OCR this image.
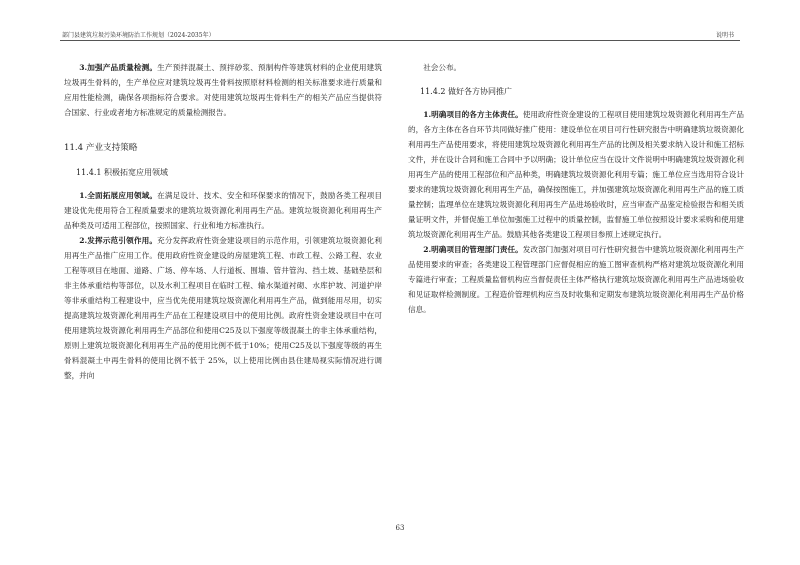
部门县建筑垃圾污染环境防治工作规划（2024-2035年）	说明书

3.加强产品质量检测。生产预拌混凝土、预拌砂浆、预制构件等建筑材料的企业使用建筑垃圾再生骨料的，生产单位应对建筑垃圾再生骨料按照原材料检测的相关标准要求进行质量和应用性能检测，确保各项指标符合要求。对使用建筑垃圾再生骨料生产的相关产品应当提供符合国家、行业或者地方标准规定的质量检测报告。

11.4 产业支持策略
11.4.1 积极拓宽应用领域

1.全面拓展应用领域。在满足设计、技术、安全和环保要求的情况下，鼓励各类工程项目建设优先使用符合工程质量要求的建筑垃圾资源化利用再生产品。建筑垃圾资源化利用再生产品种类及可适用工程部位，按照国家、行业和地方标准执行。

2.发挥示范引领作用。充分发挥政府性资金建设项目的示范作用，引领建筑垃圾资源化利用再生产品推广应用工作。使用政府性资金建设的房屋建筑工程、市政工程、公路工程、农业工程等项目在地面、道路、广场、停车场、人行道板、围墙、管井管沟、挡土坡、基础垫层和非主体承重结构等部位，以及水利工程项目在临时工程、输水渠道衬砌、水库护坡、河道护岸等非承重结构工程建设中，应当优先使用建筑垃圾资源化利用再生产品，做到能用尽用，切实提高建筑垃圾资源化利用再生产品在工程建设项目中的使用比例。政府性资金建设项目中在可使用建筑垃圾资源化利用再生产品部位和使用C25及以下强度等级混凝土的非主体承重结构，原则上建筑垃圾资源化利用再生产品的使用比例不低于10%；使用C25及以下强度等级的再生骨料混凝土中再生骨料的使用比例不低于 25%，以上使用比例由县住建局视实际情况进行调整，并向

社会公布。

11.4.2 做好各方协同推广

1.明确项目的各方主体责任。使用政府性资金建设的工程项目使用建筑垃圾资源化利用再生产品的，各方主体在各自环节共同做好推广使用：建设单位在项目可行性研究报告中明确建筑垃圾资源化利用再生产品使用要求，将使用建筑垃圾资源化利用再生产品的比例及相关要求纳入设计和施工招标文件，并在设计合同和施工合同中予以明确；设计单位应当在设计文件说明中明确建筑垃圾资源化利用再生产品的使用工程部位和产品种类，明确建筑垃圾资源化利用专篇；施工单位应当选用符合设计要求的建筑垃圾资源化利用再生产品，确保按图施工，并加强建筑垃圾资源化利用再生产品的施工质量控制；监理单位在建筑垃圾资源化利用再生产品进场验收时，应当审查产品鉴定检验报告和相关质量证明文件，并督促施工单位加强施工过程中的质量控制，监督施工单位按照设计要求采购和使用建筑垃圾资源化利用再生产品。鼓励其他各类建设工程项目参照上述规定执行。

2.明确项目的管理部门责任。发改部门加强对项目可行性研究报告中建筑垃圾资源化利用再生产品使用要求的审查；各类建设工程管理部门应督促相应的施工图审查机构严格对建筑垃圾资源化利用专篇进行审查；工程质量监督机构应当督促责任主体严格执行建筑垃圾资源化利用再生产品进场验收和见证取样检测制度。工程造价管理机构应当及时收集和定期发布建筑垃圾资源化利用再生产品价格信息。

63
